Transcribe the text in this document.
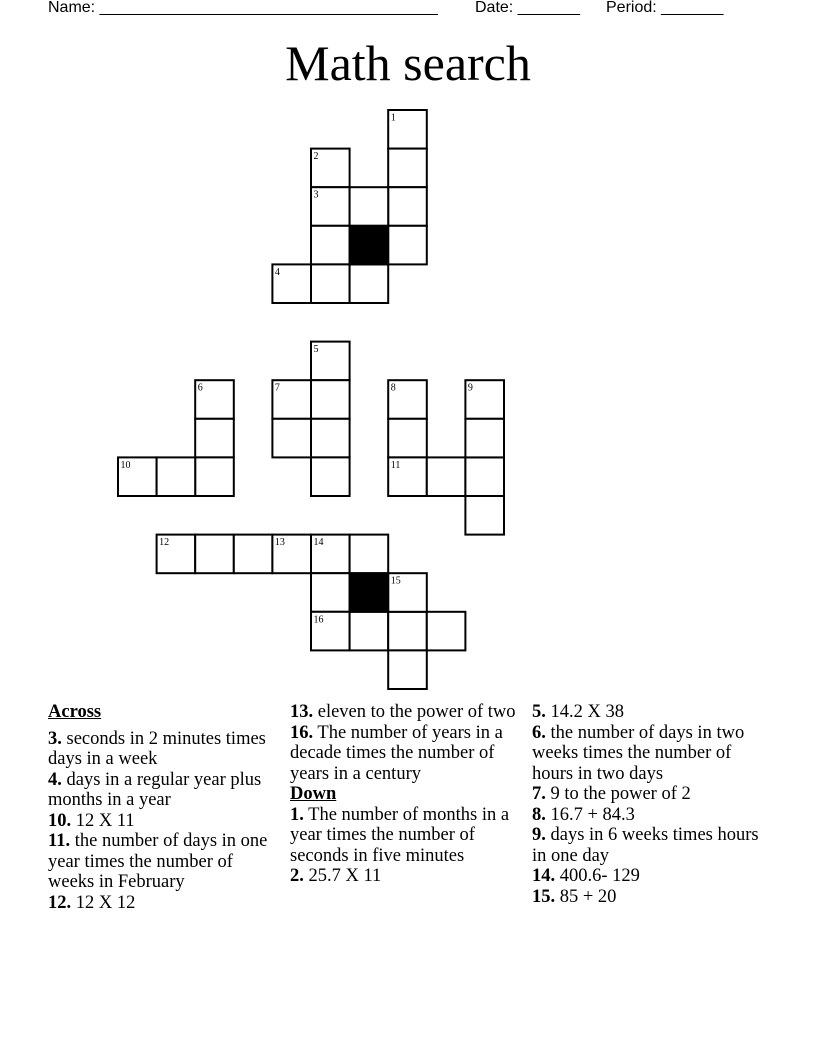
Name: ______________________________________ Date: _______ Period: _______
Math search
1
2
3
4
5
6	7	8	9
10	11
12	13	14
15
16
Across
3. seconds in 2 minutes times days in a week
4. days in a regular year plus months in a year
10. 12 X 11
11. the number of days in one year times the number of weeks in February
12. 12 X 12
13. eleven to the power of two
16. The number of years in a decade times the number of years in a century
Down
1. The number of months in a year times the number of seconds in five minutes
2. 25.7 X 11
5. 14.2 X 38
6. the number of days in two weeks times the number of hours in two days
7. 9 to the power of 2
8. 16.7 + 84.3
9. days in 6 weeks times hours in one day
14. 400.6- 129
15. 85 + 20
